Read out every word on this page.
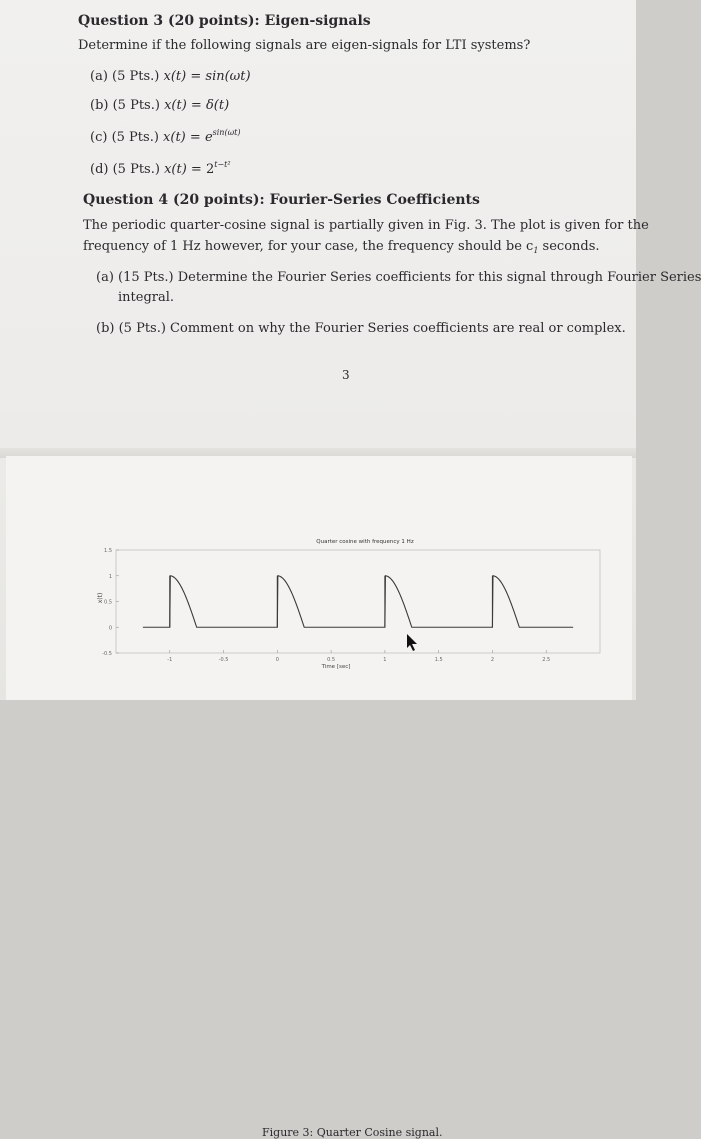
Question 3 (20 points): Eigen-signals
Determine if the following signals are eigen-signals for LTI systems?
(a) (5 Pts.) x(t) = sin(ωt)
(b) (5 Pts.) x(t) = δ(t)
(c) (5 Pts.) $x(t) = e^{sin(\omega t)}$
(d) (5 Pts.) $x(t) = 2^{t-t^2}$
Question 4 (20 points): Fourier-Series Coefficients
The periodic quarter-cosine signal is partially given in Fig. 3. The plot is given for the
frequency of 1 Hz however, for your case, the frequency should be $c_1$ seconds.
(a) (15 Pts.) Determine the Fourier Series coefficients for this signal through Fourier Series
integral.
(b) (5 Pts.) Comment on why the Fourier Series coefficients are real or complex.
3
Quarter cosine with frequency 1 Hz
1.5
1
0.5
0
-0.5
-1	-0.5	0	0.5	1	1.5	2	2.5
Time [sec]
x(t)
Figure 3: Quarter Cosine signal.
